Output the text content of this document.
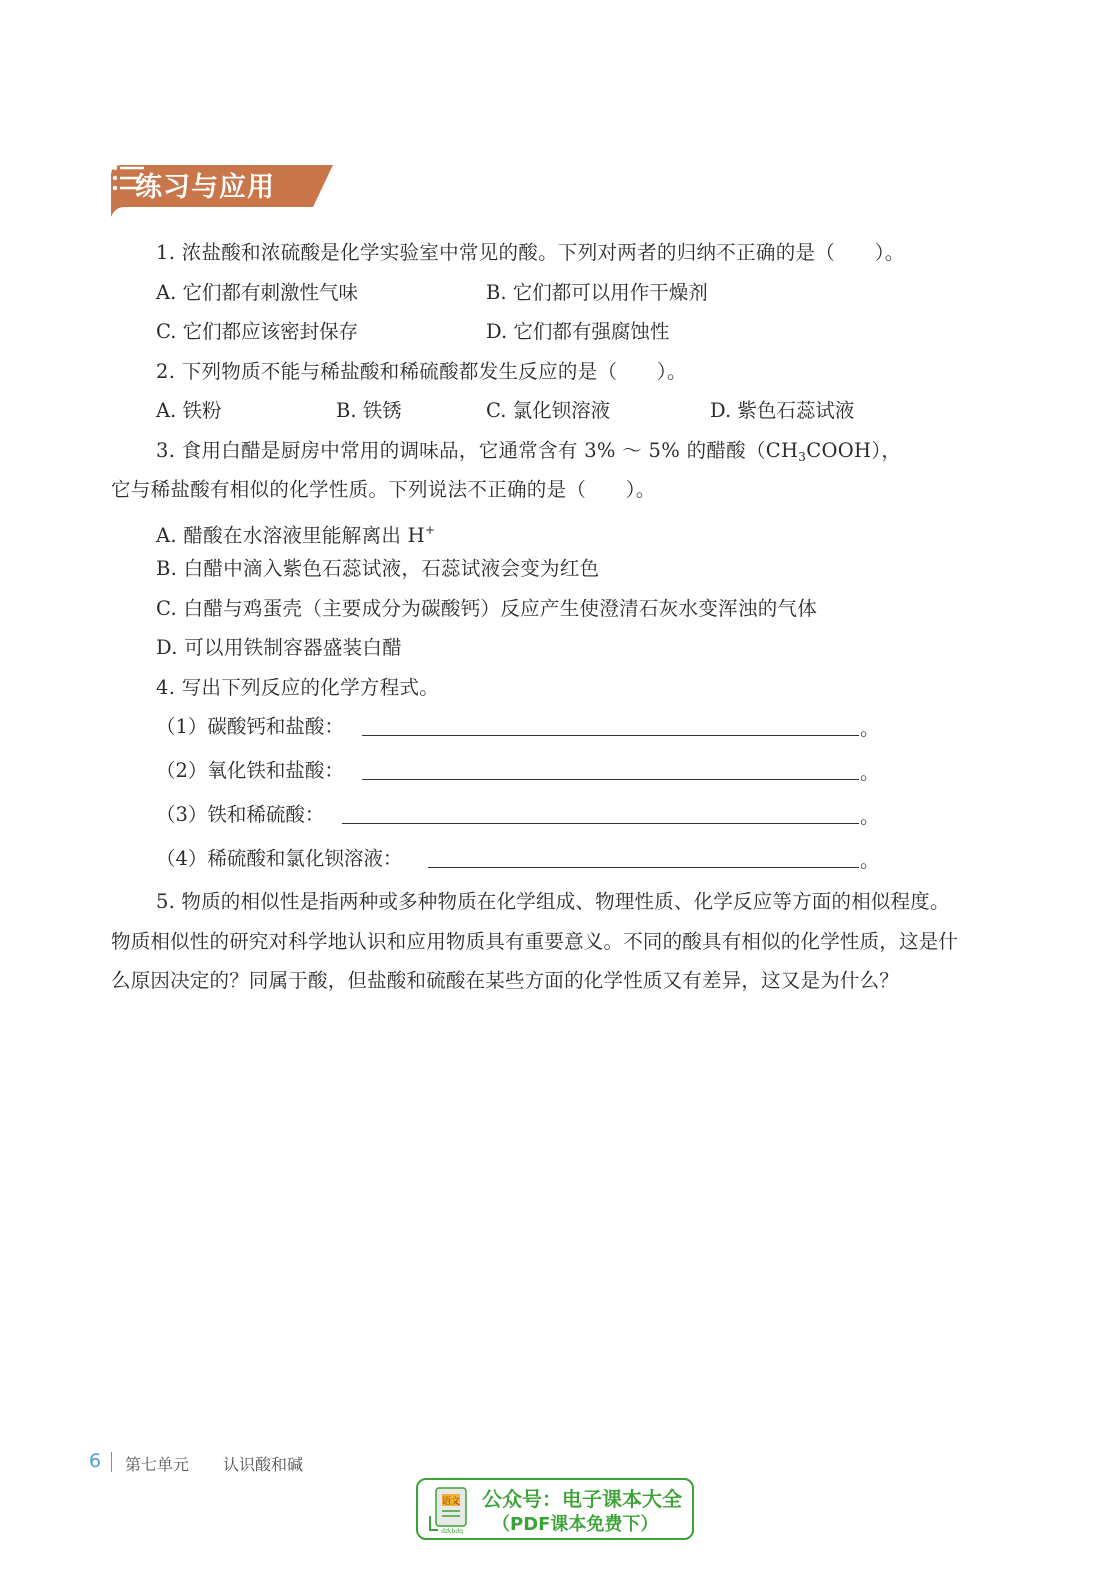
练习与应用
1. 浓盐酸和浓硫酸是化学实验室中常见的酸。下列对两者的归纳不正确的是（　　）。
A. 它们都有刺激性气味	B. 它们都可以用作干燥剂
C. 它们都应该密封保存	D. 它们都有强腐蚀性
2. 下列物质不能与稀盐酸和稀硫酸都发生反应的是（　　）。
A. 铁粉	B. 铁锈	C. 氯化钡溶液	D. 紫色石蕊试液
3. 食用白醋是厨房中常用的调味品，它通常含有 3% ～ 5% 的醋酸$(CH_3COOH)$，
它与稀盐酸有相似的化学性质。下列说法不正确的是（　　）。
A. 醋酸在水溶液里能解离出 H+
B. 白醋中滴入紫色石蕊试液，石蕊试液会变为红色
C. 白醋与鸡蛋壳（主要成分为碳酸钙）反应产生使澄清石灰水变浑浊的气体
D. 可以用铁制容器盛装白醋
4. 写出下列反应的化学方程式。
（1）碳酸钙和盐酸：	。
（2）氧化铁和盐酸：	。
（3）铁和稀硫酸：	。
（4）稀硫酸和氯化钡溶液：	。
5. 物质的相似性是指两种或多种物质在化学组成、物理性质、化学反应等方面的相似程度。物质相似性的研究对科学地认识和应用物质具有重要意义。不同的酸具有相似的化学性质，这是什么原因决定的？同属于酸，但盐酸和硫酸在某些方面的化学性质又有差异，这又是为什么？
6 第七单元 认识酸和碱
语文
dzkbdq
公众号：电子课本大全
（PDF课本免费下）
